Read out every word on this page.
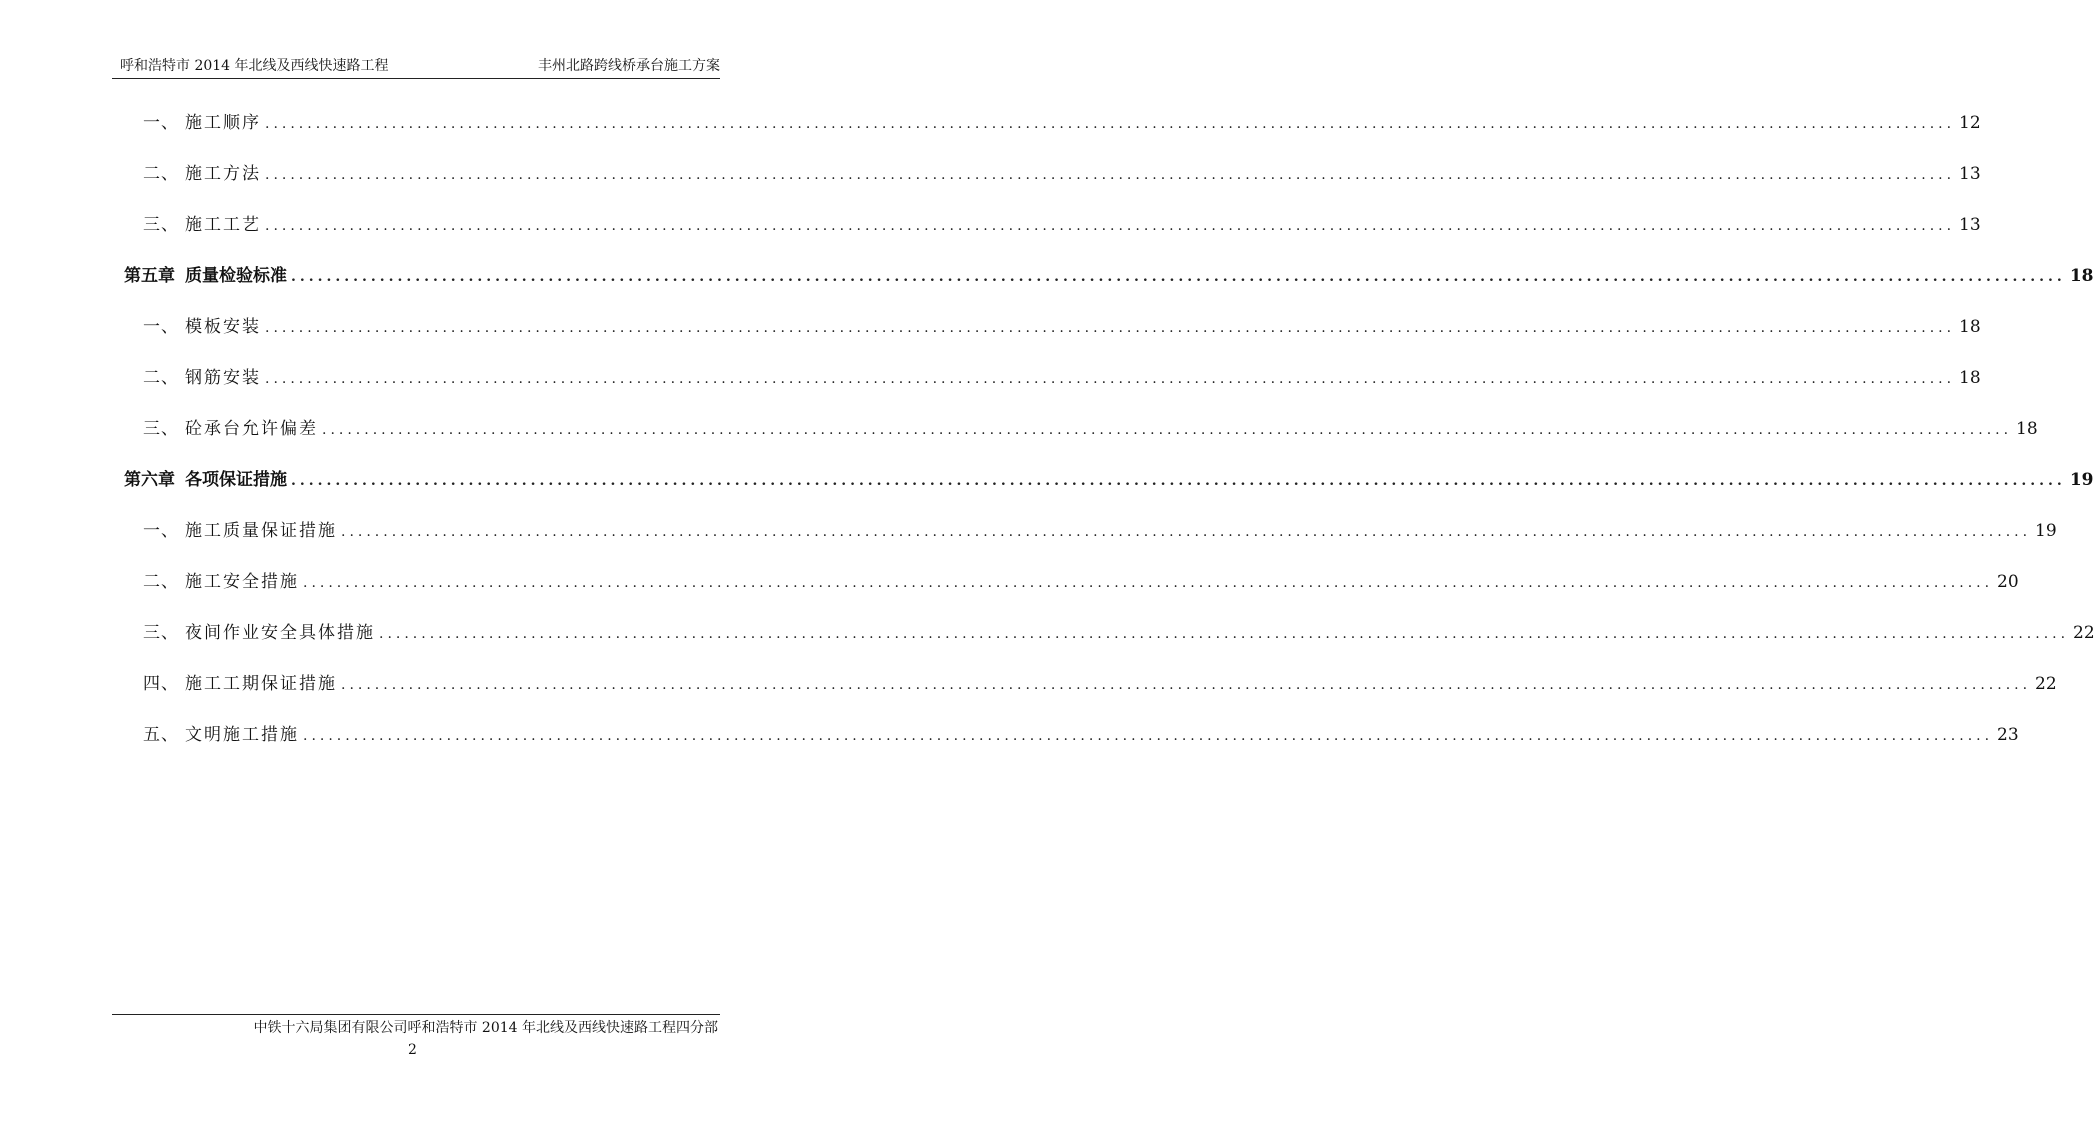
呼和浩特市 2014 年北线及西线快速路工程	丰州北路跨线桥承台施工方案
一、 施工顺序 ........................................................................................................................................................................................................ 12
二、 施工方法 ........................................................................................................................................................................................................ 13
三、 施工工艺 ........................................................................................................................................................................................................ 13
第五章 质量检验标准 ........................................................................................................................................................................................................ 18
一、 模板安装 ........................................................................................................................................................................................................ 18
二、 钢筋安装 ........................................................................................................................................................................................................ 18
三、 砼承台允许偏差 ........................................................................................................................................................................................................ 18
第六章 各项保证措施 ........................................................................................................................................................................................................ 19
一、 施工质量保证措施 ........................................................................................................................................................................................................ 19
二、 施工安全措施 ........................................................................................................................................................................................................ 20
三、 夜间作业安全具体措施 ........................................................................................................................................................................................................ 22
四、 施工工期保证措施 ........................................................................................................................................................................................................ 22
五、 文明施工措施 ........................................................................................................................................................................................................ 23
中铁十六局集团有限公司呼和浩特市 2014 年北线及西线快速路工程四分部
2
